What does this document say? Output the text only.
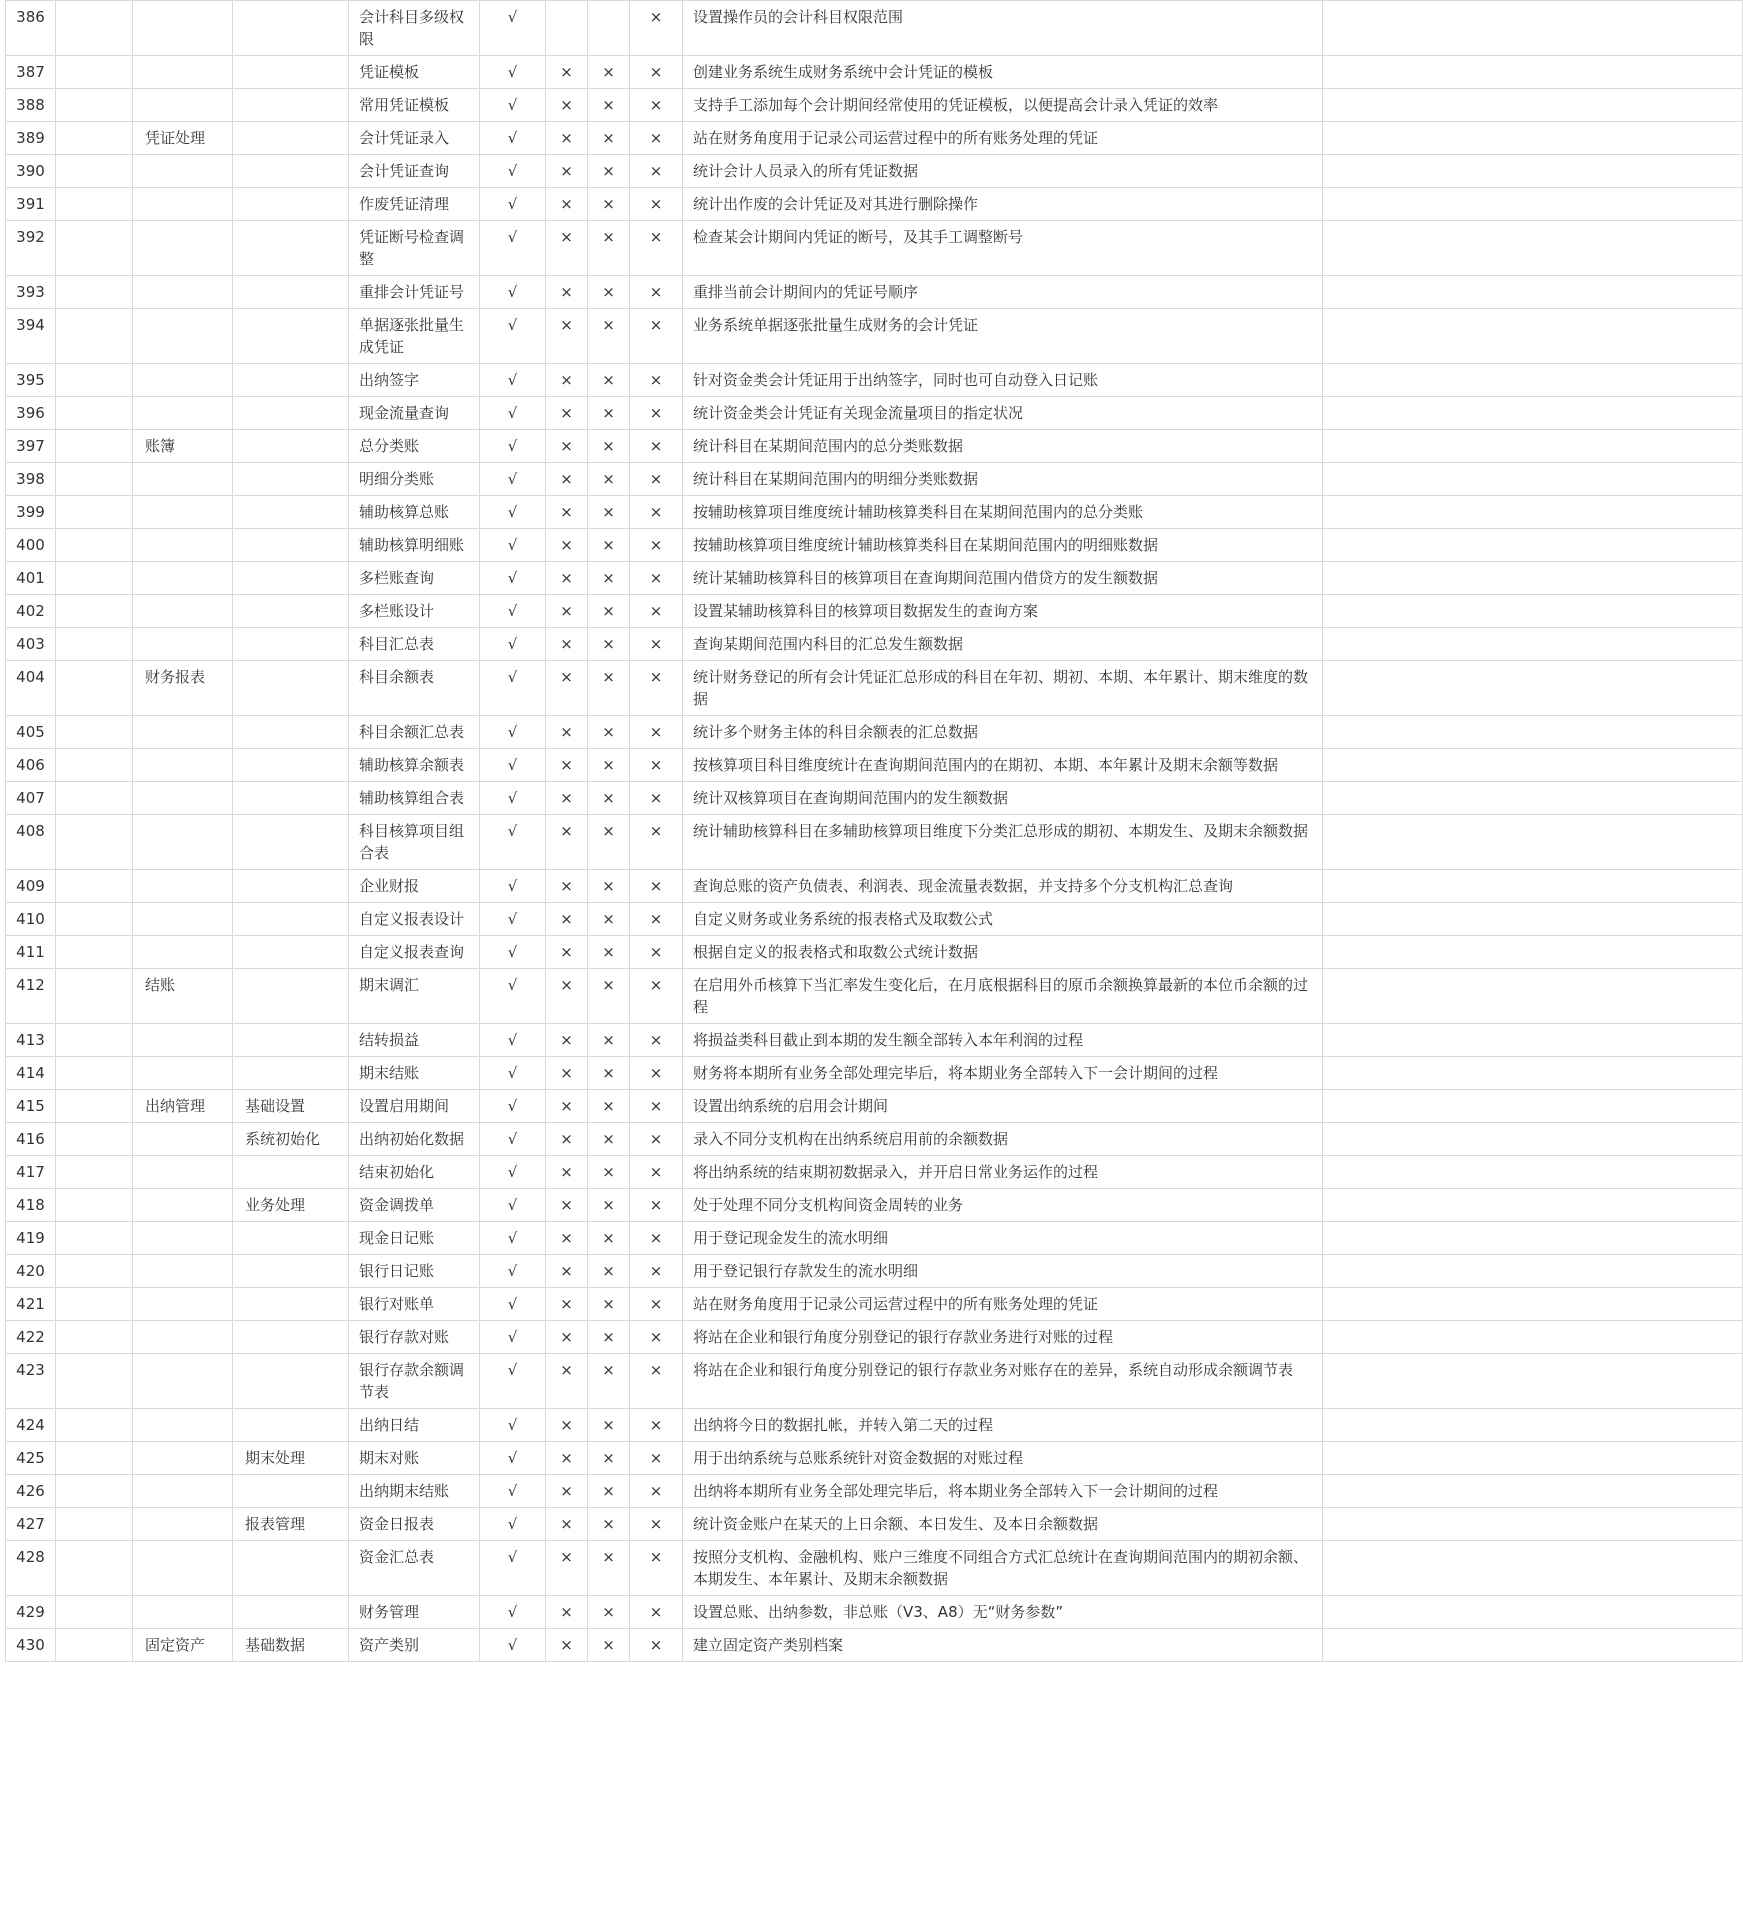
386				会计科目多级权限	√			×	设置操作员的会计科目权限范围	
387				凭证模板	√	×	×	×	创建业务系统生成财务系统中会计凭证的模板	
388				常用凭证模板	√	×	×	×	支持手工添加每个会计期间经常使用的凭证模板，以便提高会计录入凭证的效率	
389		凭证处理		会计凭证录入	√	×	×	×	站在财务角度用于记录公司运营过程中的所有账务处理的凭证	
390				会计凭证查询	√	×	×	×	统计会计人员录入的所有凭证数据	
391				作废凭证清理	√	×	×	×	统计出作废的会计凭证及对其进行删除操作	
392				凭证断号检查调整	√	×	×	×	检查某会计期间内凭证的断号，及其手工调整断号	
393				重排会计凭证号	√	×	×	×	重排当前会计期间内的凭证号顺序	
394				单据逐张批量生成凭证	√	×	×	×	业务系统单据逐张批量生成财务的会计凭证	
395				出纳签字	√	×	×	×	针对资金类会计凭证用于出纳签字，同时也可自动登入日记账	
396				现金流量查询	√	×	×	×	统计资金类会计凭证有关现金流量项目的指定状况	
397		账簿		总分类账	√	×	×	×	统计科目在某期间范围内的总分类账数据	
398				明细分类账	√	×	×	×	统计科目在某期间范围内的明细分类账数据	
399				辅助核算总账	√	×	×	×	按辅助核算项目维度统计辅助核算类科目在某期间范围内的总分类账	
400				辅助核算明细账	√	×	×	×	按辅助核算项目维度统计辅助核算类科目在某期间范围内的明细账数据	
401				多栏账查询	√	×	×	×	统计某辅助核算科目的核算项目在查询期间范围内借贷方的发生额数据	
402				多栏账设计	√	×	×	×	设置某辅助核算科目的核算项目数据发生的查询方案	
403				科目汇总表	√	×	×	×	查询某期间范围内科目的汇总发生额数据	
404		财务报表		科目余额表	√	×	×	×	统计财务登记的所有会计凭证汇总形成的科目在年初、期初、本期、本年累计、期末维度的数据	
405				科目余额汇总表	√	×	×	×	统计多个财务主体的科目余额表的汇总数据	
406				辅助核算余额表	√	×	×	×	按核算项目科目维度统计在查询期间范围内的在期初、本期、本年累计及期末余额等数据	
407				辅助核算组合表	√	×	×	×	统计双核算项目在查询期间范围内的发生额数据	
408				科目核算项目组合表	√	×	×	×	统计辅助核算科目在多辅助核算项目维度下分类汇总形成的期初、本期发生、及期末余额数据	
409				企业财报	√	×	×	×	查询总账的资产负债表、利润表、现金流量表数据，并支持多个分支机构汇总查询	
410				自定义报表设计	√	×	×	×	自定义财务或业务系统的报表格式及取数公式	
411				自定义报表查询	√	×	×	×	根据自定义的报表格式和取数公式统计数据	
412		结账		期末调汇	√	×	×	×	在启用外币核算下当汇率发生变化后，在月底根据科目的原币余额换算最新的本位币余额的过程	
413				结转损益	√	×	×	×	将损益类科目截止到本期的发生额全部转入本年利润的过程	
414				期末结账	√	×	×	×	财务将本期所有业务全部处理完毕后，将本期业务全部转入下一会计期间的过程	
415		出纳管理	基础设置	设置启用期间	√	×	×	×	设置出纳系统的启用会计期间	
416			系统初始化	出纳初始化数据	√	×	×	×	录入不同分支机构在出纳系统启用前的余额数据	
417				结束初始化	√	×	×	×	将出纳系统的结束期初数据录入，并开启日常业务运作的过程	
418			业务处理	资金调拨单	√	×	×	×	处于处理不同分支机构间资金周转的业务	
419				现金日记账	√	×	×	×	用于登记现金发生的流水明细	
420				银行日记账	√	×	×	×	用于登记银行存款发生的流水明细	
421				银行对账单	√	×	×	×	站在财务角度用于记录公司运营过程中的所有账务处理的凭证	
422				银行存款对账	√	×	×	×	将站在企业和银行角度分别登记的银行存款业务进行对账的过程	
423				银行存款余额调节表	√	×	×	×	将站在企业和银行角度分别登记的银行存款业务对账存在的差异，系统自动形成余额调节表	
424				出纳日结	√	×	×	×	出纳将今日的数据扎帐，并转入第二天的过程	
425			期末处理	期末对账	√	×	×	×	用于出纳系统与总账系统针对资金数据的对账过程	
426				出纳期末结账	√	×	×	×	出纳将本期所有业务全部处理完毕后，将本期业务全部转入下一会计期间的过程	
427			报表管理	资金日报表	√	×	×	×	统计资金账户在某天的上日余额、本日发生、及本日余额数据	
428				资金汇总表	√	×	×	×	按照分支机构、金融机构、账户三维度不同组合方式汇总统计在查询期间范围内的期初余额、本期发生、本年累计、及期末余额数据	
429				财务管理	√	×	×	×	设置总账、出纳参数，非总账（V3、A8）无“财务参数”	
430		固定资产	基础数据	资产类别	√	×	×	×	建立固定资产类别档案	
